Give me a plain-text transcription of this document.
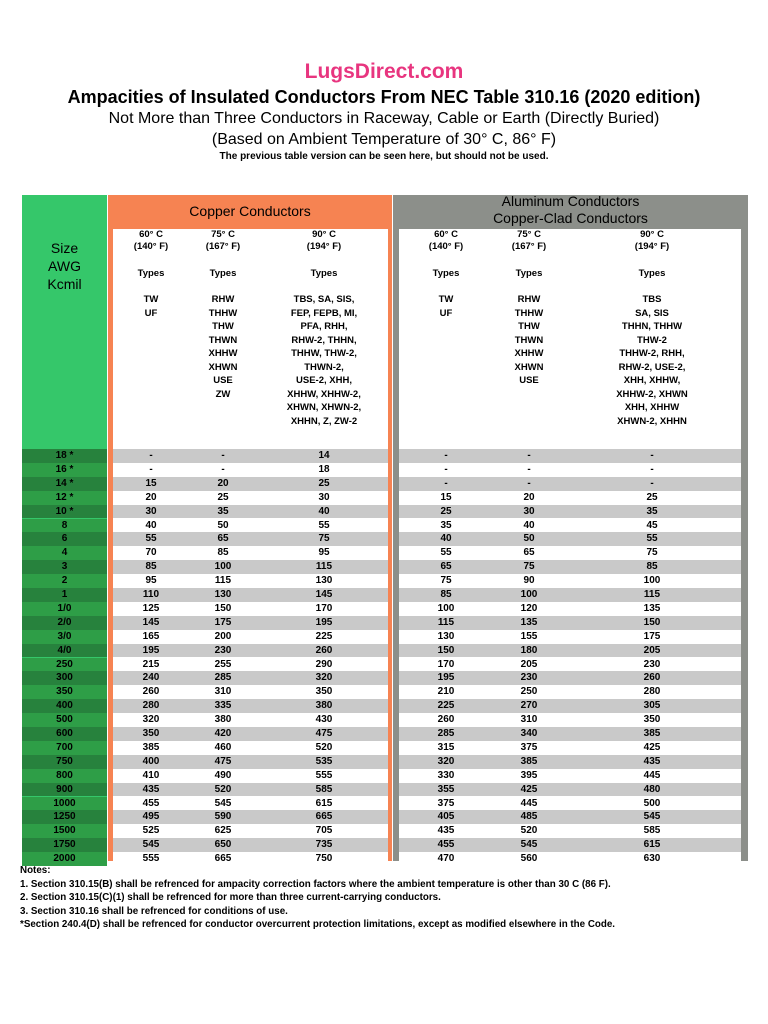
LugsDirect.com
Ampacities of Insulated Conductors From NEC Table 310.16 (2020 edition)
Not More than Three Conductors in Raceway, Cable or Earth (Directly Buried)
(Based on Ambient Temperature of 30° C, 86° F)
The previous table version can be seen here, but should not be used.
Copper Conductors
Aluminum Conductors
Copper-Clad Conductors
Size
AWG
Kcmil
60° C
(140° F)
Types
TW
UF
75° C
(167° F)
Types
RHW
THHW
THW
THWN
XHHW
XHWN
USE
ZW
90° C
(194° F)
Types
TBS, SA, SIS,
FEP, FEPB, MI,
PFA, RHH,
RHW-2, THHN,
THHW, THW-2,
THWN-2,
USE-2, XHH,
XHHW, XHHW-2,
XHWN, XHWN-2,
XHHN, Z, ZW-2
60° C
(140° F)
Types
TW
UF
75° C
(167° F)
Types
RHW
THHW
THW
THWN
XHHW
XHWN
USE
90° C
(194° F)
Types
TBS
SA, SIS
THHN, THHW
THW-2
THHW-2, RHH,
RHW-2, USE-2,
XHH, XHHW,
XHHW-2, XHWN
XHH, XHHW
XHWN-2, XHHN
18 *	-	-	14	-	-	-
16 *	-	-	18	-	-	-
14 *	15	20	25	-	-	-
12 *	20	25	30	15	20	25
10 *	30	35	40	25	30	35
8	40	50	55	35	40	45
6	55	65	75	40	50	55
4	70	85	95	55	65	75
3	85	100	115	65	75	85
2	95	115	130	75	90	100
1	110	130	145	85	100	115
1/0	125	150	170	100	120	135
2/0	145	175	195	115	135	150
3/0	165	200	225	130	155	175
4/0	195	230	260	150	180	205
250	215	255	290	170	205	230
300	240	285	320	195	230	260
350	260	310	350	210	250	280
400	280	335	380	225	270	305
500	320	380	430	260	310	350
600	350	420	475	285	340	385
700	385	460	520	315	375	425
750	400	475	535	320	385	435
800	410	490	555	330	395	445
900	435	520	585	355	425	480
1000	455	545	615	375	445	500
1250	495	590	665	405	485	545
1500	525	625	705	435	520	585
1750	545	650	735	455	545	615
2000	555	665	750	470	560	630
Notes:
1. Section 310.15(B) shall be refrenced for ampacity correction factors where the ambient temperature is other than 30 C (86 F).
2. Section 310.15(C)(1) shall be refrenced for more than three current-carrying conductors.
3. Section 310.16 shall be refrenced for conditions of use.
*Section 240.4(D) shall be refrenced for conductor overcurrent protection limitations, except as modified elsewhere in the Code.
